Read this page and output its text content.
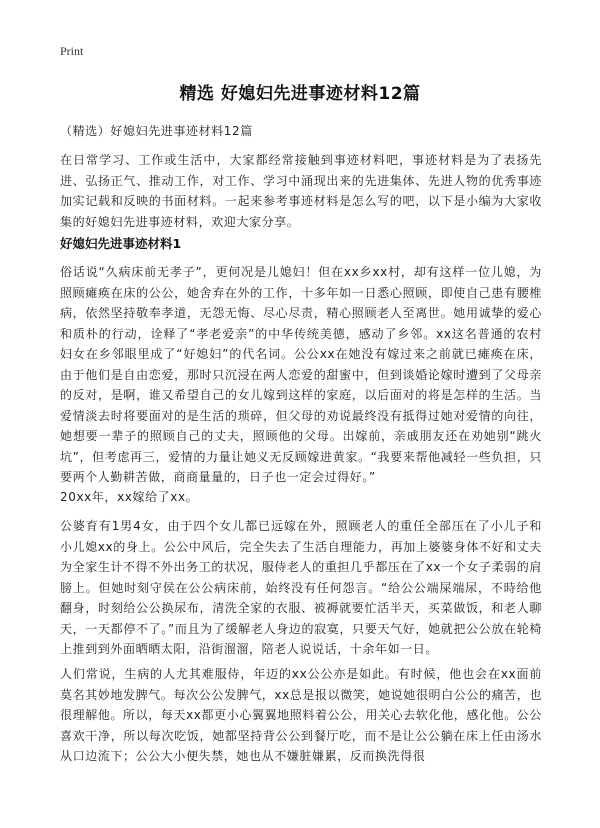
Print
精选 好媳妇先进事迹材料12篇

（精选）好媳妇先进事迹材料12篇

在日常学习、工作或生活中，大家都经常接触到事迹材料吧，事迹材料是为了表扬先进、弘扬正气、推动工作，对工作、学习中涌现出来的先进集体、先进人物的优秀事迹加实记载和反映的书面材料。一起来参考事迹材料是怎么写的吧，以下是小编为大家收集的好媳妇先进事迹材料，欢迎大家分享。

好媳妇先进事迹材料1

俗话说“久病床前无孝子”，更何况是儿媳妇！但在xx乡xx村，却有这样一位儿媳，为照顾瘫痪在床的公公，她舍弃在外的工作，十多年如一日悉心照顾，即使自己患有腰椎病，依然坚持敬奉孝道，无怨无悔、尽心尽责，精心照顾老人至离世。她用诚挚的爱心和质朴的行动，诠释了“孝老爱亲”的中华传统美德，感动了乡邻。xx这名普通的农村妇女在乡邻眼里成了“好媳妇”的代名词。公公xx在她没有嫁过来之前就已瘫痪在床，由于他们是自由恋爱，那时只沉浸在两人恋爱的甜蜜中，但到谈婚论嫁时遭到了父母亲的反对，是啊，谁又希望自己的女儿嫁到这样的家庭，以后面对的将是怎样的生活。当爱情淡去时将要面对的是生活的琐碎，但父母的劝说最终没有抵得过她对爱情的向往，她想要一辈子的照顾自己的丈夫，照顾他的父母。出嫁前，亲戚朋友还在劝她别“跳火坑”，但考虑再三，爱情的力量让她义无反顾嫁进黄家。“我要来帮他减轻一些负担，只要两个人勤耕苦做，商商量量的，日子也一定会过得好。”

20xx年，xx嫁给了xx。

公婆育有1男4女，由于四个女儿都已远嫁在外，照顾老人的重任全部压在了小儿子和小儿媳xx的身上。公公中风后，完全失去了生活自理能力，再加上婆婆身体不好和丈夫为全家生计不得不外出务工的状况，服侍老人的重担几乎都压在了xx一个女子柔弱的肩膀上。但她时刻守侯在公公病床前，始终没有任何怨言。“给公公端屎端尿，不時给他翻身，时刻给公公换尿布，清洗全家的衣服、被褥就要忙活半天，买菜做饭，和老人聊天，一天都停不了。”而且为了缓解老人身边的寂寞，只要天气好，她就把公公放在轮椅上推到到外面晒晒太阳，沿街溜溜，陪老人说说话，十余年如一日。

人们常说，生病的人尤其难服侍，年迈的xx公公亦是如此。有时候，他也会在xx面前莫名其妙地发脾气。每次公公发脾气，xx总是报以微笑，她说她很明白公公的痛苦，也很理解他。所以，每天xx都更小心翼翼地照料着公公，用关心去软化他，感化他。公公喜欢干净，所以每次吃饭，她都坚持背公公到餐厅吃，而不是让公公躺在床上任由汤水从口边流下；公公大小便失禁，她也从不嫌脏嫌累，反而换洗得很
